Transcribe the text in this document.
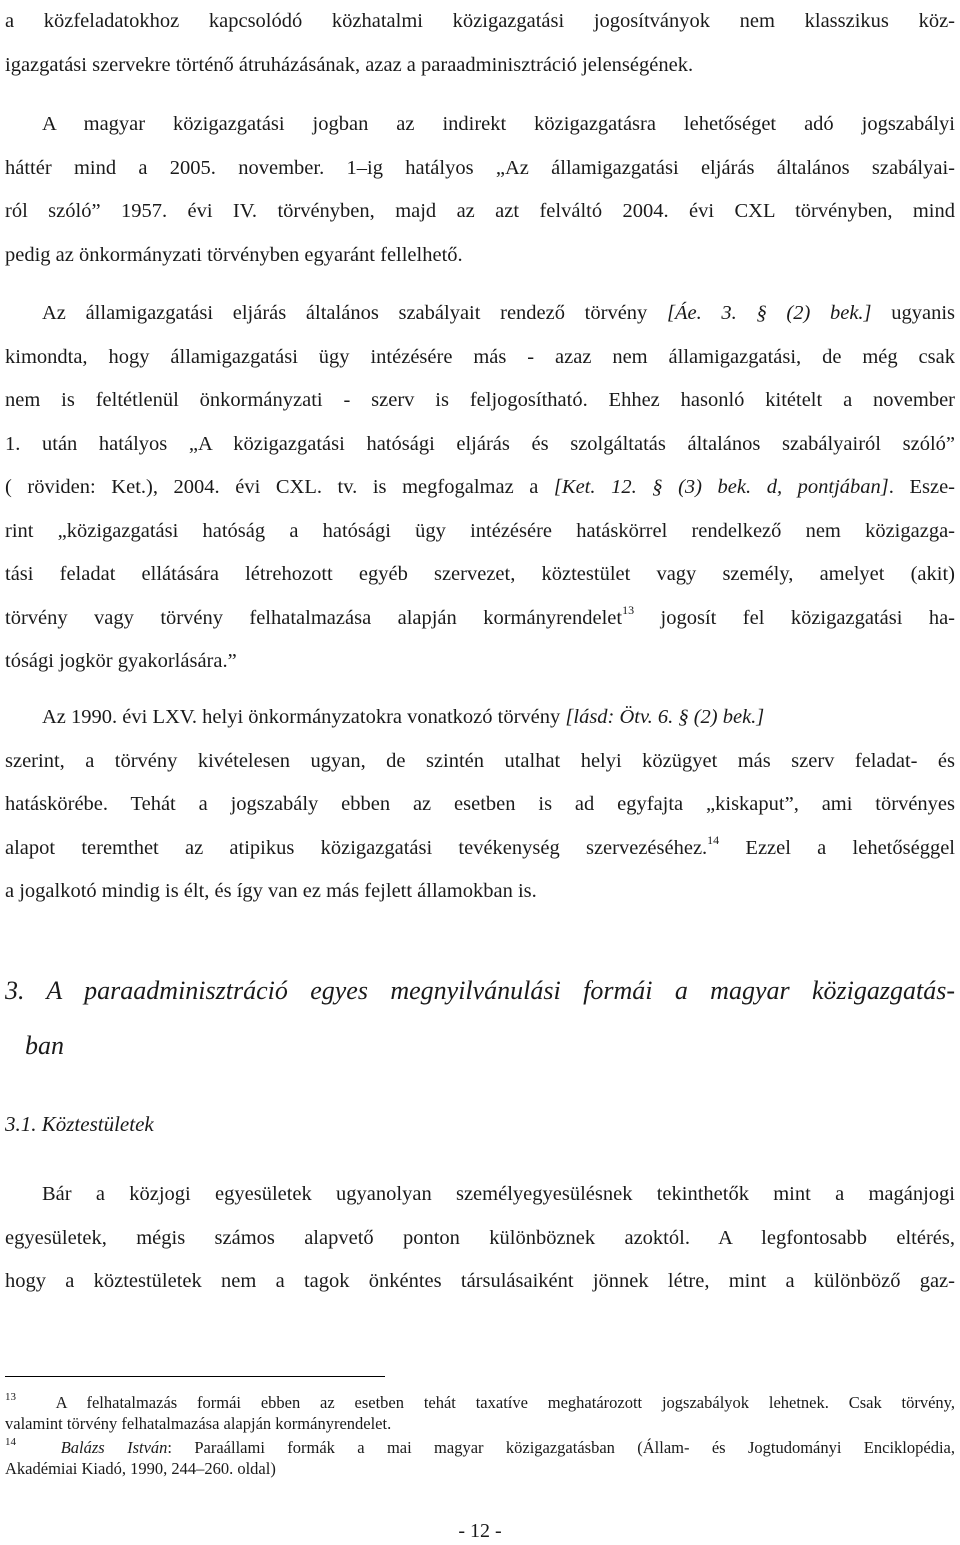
a közfeladatokhoz kapcsolódó közhatalmi közigazgatási jogosítványok nem klasszikus köz-
igazgatási szervekre történő átruházásának, azaz a paraadminisztráció jelenségének.
A magyar közigazgatási jogban az indirekt közigazgatásra lehetőséget adó jogszabályi
háttér mind a 2005. november. 1–ig hatályos „Az államigazgatási eljárás általános szabályai-
ról szóló” 1957. évi IV. törvényben, majd az azt felváltó 2004. évi CXL törvényben, mind
pedig az önkormányzati törvényben egyaránt fellelhető.
Az államigazgatási eljárás általános szabályait rendező törvény [Áe. 3. § (2) bek.] ugyanis
kimondta, hogy államigazgatási ügy intézésére más - azaz nem államigazgatási, de még csak
nem is feltétlenül önkormányzati - szerv is feljogosítható. Ehhez hasonló kitételt a november
1. után hatályos „A közigazgatási hatósági eljárás és szolgáltatás általános szabályairól szóló”
( röviden: Ket.), 2004. évi CXL. tv. is megfogalmaz a [Ket. 12. § (3) bek. d, pontjában]. Esze-
rint „közigazgatási hatóság a hatósági ügy intézésére hatáskörrel rendelkező nem közigazga-
tási feladat ellátására létrehozott egyéb szervezet, köztestület vagy személy, amelyet (akit)
törvény vagy törvény felhatalmazása alapján kormányrendelet$^{13}$ jogosít fel közigazgatási ha-
tósági jogkör gyakorlására.”
Az 1990. évi LXV. helyi önkormányzatokra vonatkozó törvény [lásd: Ötv. 6. § (2) bek.]
szerint, a törvény kivételesen ugyan, de szintén utalhat helyi közügyet más szerv feladat- és
hatáskörébe. Tehát a jogszabály ebben az esetben is ad egyfajta „kiskaput”, ami törvényes
alapot teremthet az atipikus közigazgatási tevékenység szervezéséhez.$^{14}$ Ezzel a lehetőséggel
a jogalkotó mindig is élt, és így van ez más fejlett államokban is.
3. A paraadminisztráció egyes megnyilvánulási formái a magyar közigazgatás-
ban
3.1. Köztestületek
Bár a közjogi egyesületek ugyanolyan személyegyesülésnek tekinthetők mint a magánjogi
egyesületek, mégis számos alapvető ponton különböznek azoktól. A legfontosabb eltérés,
hogy a köztestületek nem a tagok önkéntes társulásaiként jönnek létre, mint a különböző gaz-
$^{13}$ A felhatalmazás formái ebben az esetben tehát taxatíve meghatározott jogszabályok lehetnek. Csak törvény,
valamint törvény felhatalmazása alapján kormányrendelet.
$^{14}$	Balázs István: Paraállami formák a mai magyar közigazgatásban (Állam- és Jogtudományi Enciklopédia,
Akadémiai Kiadó, 1990, 244–260. oldal)
- 12 -
